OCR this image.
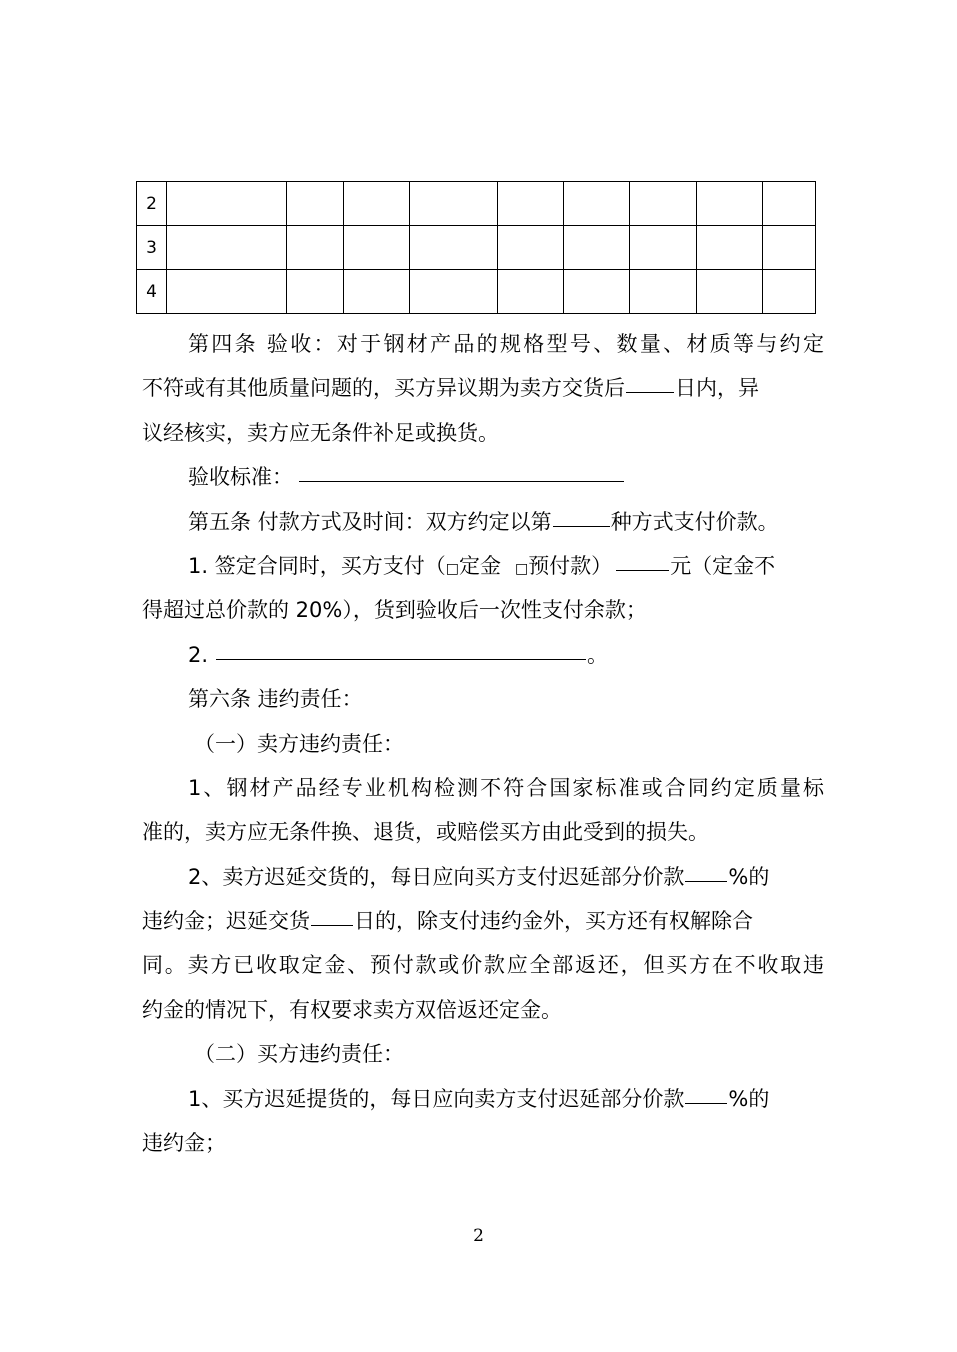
2									
3									
4									
第四条 验收：对于钢材产品的规格型号、数量、材质等与约定
不符或有其他质量问题的，买方异议期为卖方交货后 日内，异
议经核实，卖方应无条件补足或换货。
验收标准：
第五条 付款方式及时间：双方约定以第	种方式支付价款。
1. 签定合同时，买方支付（□定金 □预付款）	元（定金不
得超过总价款的 20%），货到验收后一次性支付余款；
2.	。
第六条 违约责任：
（一）卖方违约责任：
1、钢材产品经专业机构检测不符合国家标准或合同约定质量标
准的，卖方应无条件换、退货，或赔偿买方由此受到的损失。
2、卖方迟延交货的，每日应向买方支付迟延部分价款 %的
违约金；迟延交货 日的，除支付违约金外，买方还有权解除合
同。卖方已收取定金、预付款或价款应全部返还，但买方在不收取违
约金的情况下，有权要求卖方双倍返还定金。
（二）买方违约责任：
1、买方迟延提货的，每日应向卖方支付迟延部分价款 %的
违约金；
2
